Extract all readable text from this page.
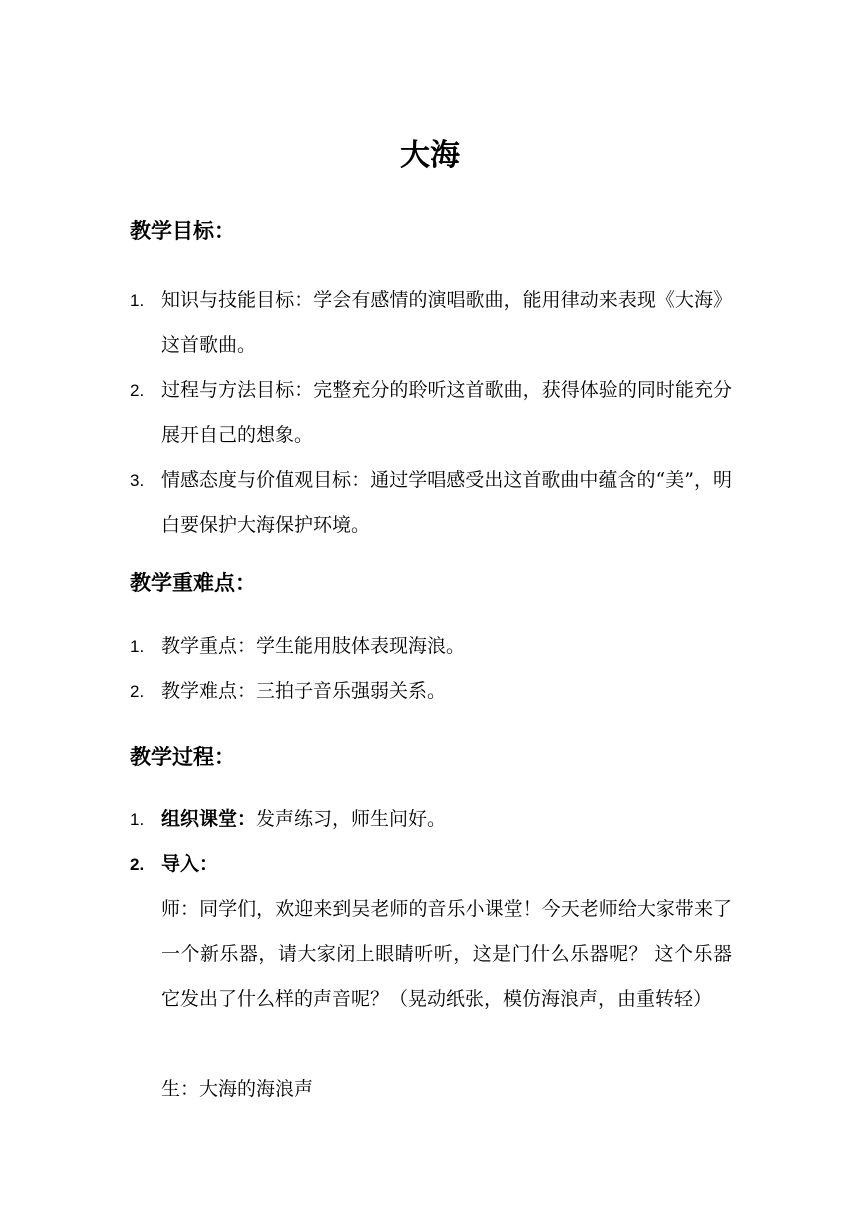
大海
教学目标：
1. 知识与技能目标：学会有感情的演唱歌曲，能用律动来表现《大海》这首歌曲。
2. 过程与方法目标：完整充分的聆听这首歌曲，获得体验的同时能充分展开自己的想象。
3. 情感态度与价值观目标：通过学唱感受出这首歌曲中蕴含的“美”，明白要保护大海保护环境。
教学重难点：
1. 教学重点：学生能用肢体表现海浪。
2. 教学难点：三拍子音乐强弱关系。
教学过程：
1. 组织课堂：发声练习，师生问好。
2. 导入：
师：同学们，欢迎来到吴老师的音乐小课堂！今天老师给大家带来了一个新乐器，请大家闭上眼睛听听，这是门什么乐器呢？ 这个乐器它发出了什么样的声音呢？（晃动纸张，模仿海浪声，由重转轻）
生：大海的海浪声
